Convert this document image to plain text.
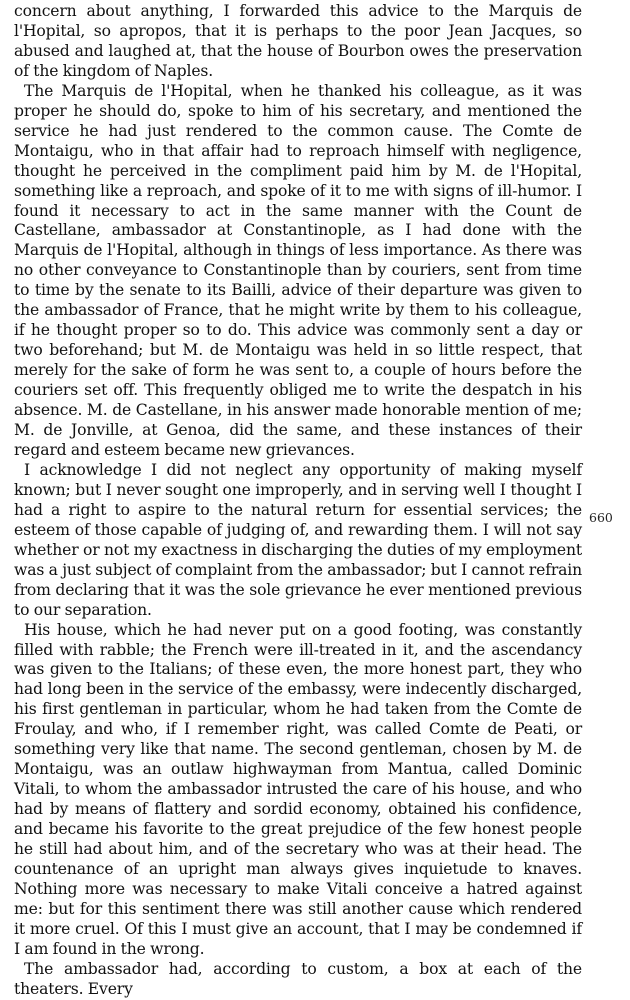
concern about anything, I forwarded this advice to the Marquis de l'Hopital, so apropos, that it is perhaps to the poor Jean Jacques, so abused and laughed at, that the house of Bourbon owes the preservation of the kingdom of Naples.

The Marquis de l'Hopital, when he thanked his colleague, as it was proper he should do, spoke to him of his secretary, and mentioned the service he had just rendered to the common cause. The Comte de Montaigu, who in that affair had to reproach himself with negligence, thought he perceived in the compliment paid him by M. de l'Hopital, something like a reproach, and spoke of it to me with signs of ill-humor. I found it necessary to act in the same manner with the Count de Castellane, ambassador at Constantinople, as I had done with the Marquis de l'Hopital, although in things of less importance. As there was no other conveyance to Constantinople than by couriers, sent from time to time by the senate to its Bailli, advice of their departure was given to the ambassador of France, that he might write by them to his colleague, if he thought proper so to do. This advice was commonly sent a day or two beforehand; but M. de Montaigu was held in so little respect, that merely for the sake of form he was sent to, a couple of hours before the couriers set off. This frequently obliged me to write the despatch in his absence. M. de Castellane, in his answer made honorable mention of me; M. de Jonville, at Genoa, did the same, and these instances of their regard and esteem became new grievances.

I acknowledge I did not neglect any opportunity of making myself known; but I never sought one improperly, and in serving well I thought I had a right to aspire to the natural return for essential services; the esteem of those capable of judging of, and rewarding them. I will not say whether or not my exactness in discharging the duties of my employment was a just subject of complaint from the ambassador; but I cannot refrain from declaring that it was the sole grievance he ever mentioned previous to our separation.

His house, which he had never put on a good footing, was constantly filled with rabble; the French were ill-treated in it, and the ascendancy was given to the Italians; of these even, the more honest part, they who had long been in the service of the embassy, were indecently discharged, his first gentleman in particular, whom he had taken from the Comte de Froulay, and who, if I remember right, was called Comte de Peati, or something very like that name. The second gentleman, chosen by M. de Montaigu, was an outlaw highwayman from Mantua, called Dominic Vitali, to whom the ambassador intrusted the care of his house, and who had by means of flattery and sordid economy, obtained his confidence, and became his favorite to the great prejudice of the few honest people he still had about him, and of the secretary who was at their head. The countenance of an upright man always gives inquietude to knaves. Nothing more was necessary to make Vitali conceive a hatred against me: but for this sentiment there was still another cause which rendered it more cruel. Of this I must give an account, that I may be condemned if I am found in the wrong.

The ambassador had, according to custom, a box at each of the theaters. Every

660
